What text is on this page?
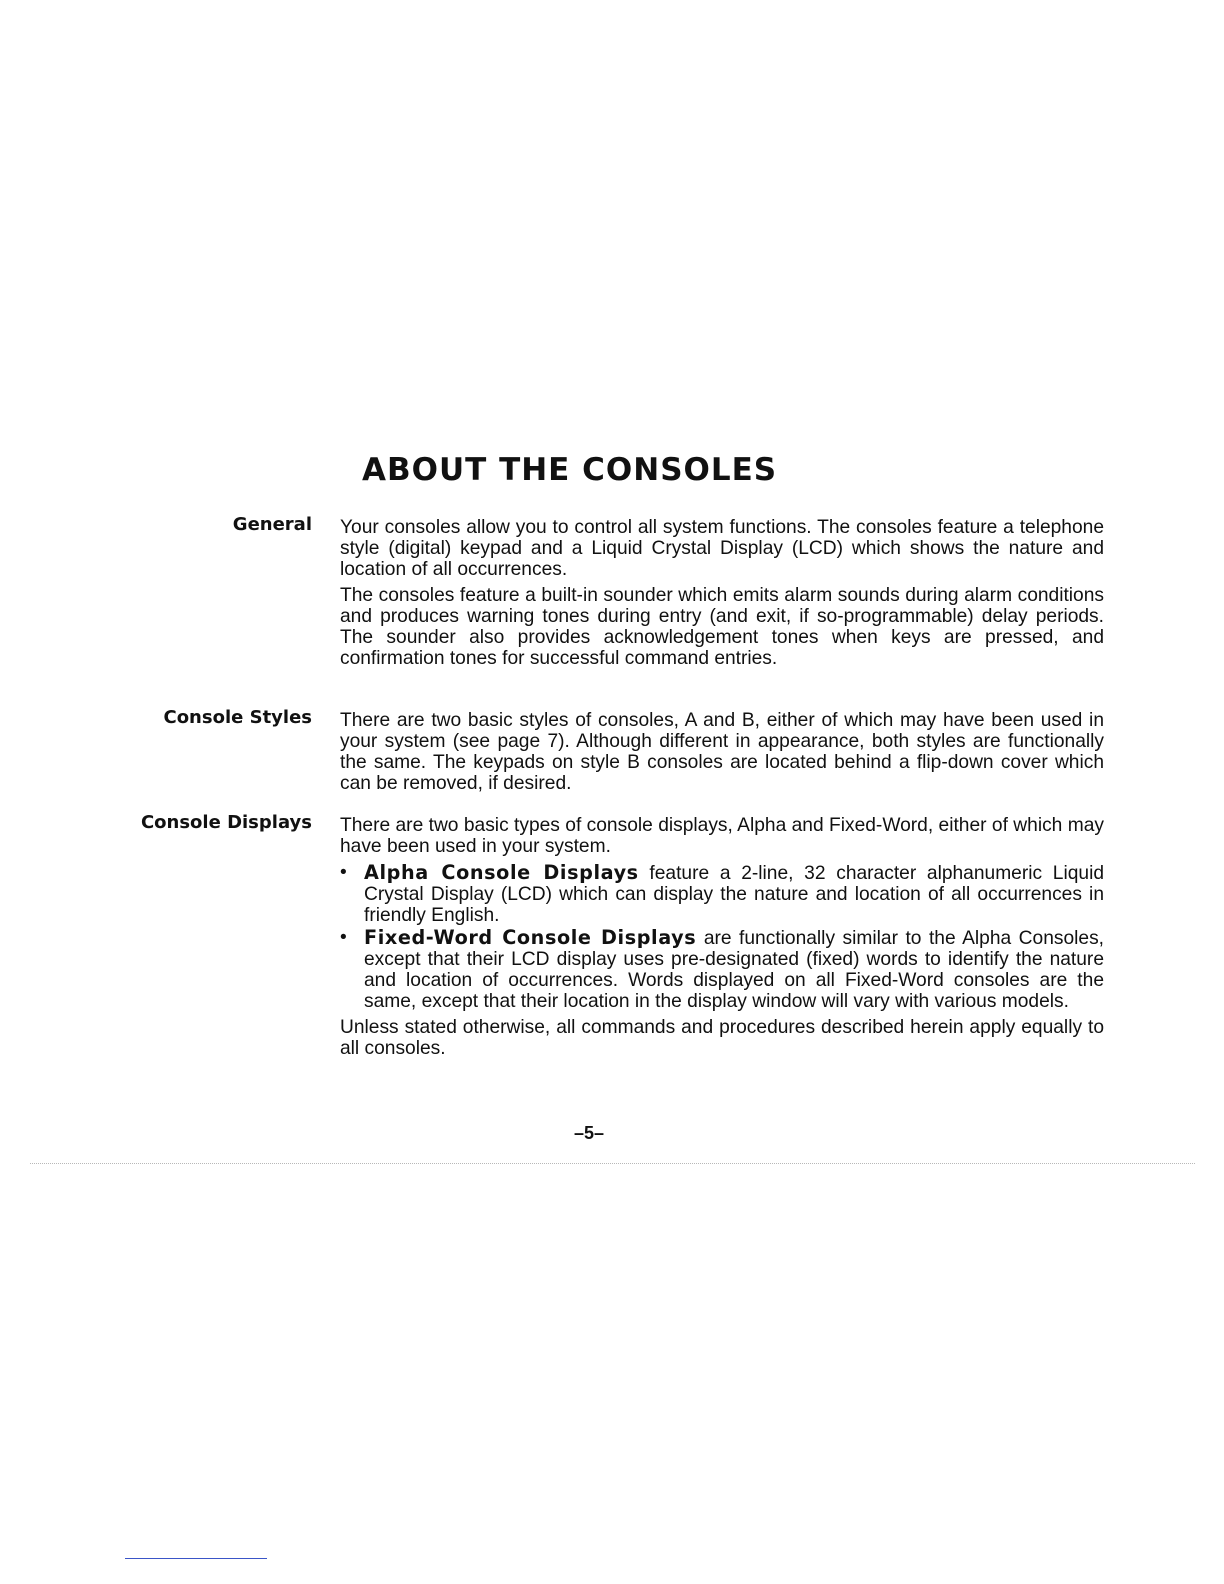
ABOUT THE CONSOLES
General Your consoles allow you to control all system functions. The consoles feature a telephone style (digital) keypad and a Liquid Crystal Display (LCD) which shows the nature and location of all occurrences.

The consoles feature a built-in sounder which emits alarm sounds during alarm conditions and produces warning tones during entry (and exit, if so-programmable) delay periods. The sounder also provides acknowledgement tones when keys are pressed, and confirmation tones for successful command entries.

Console Styles There are two basic styles of consoles, A and B, either of which may have been used in your system (see page 7). Although different in appearance, both styles are functionally the same. The keypads on style B consoles are located behind a flip-down cover which can be removed, if desired.

Console Displays There are two basic types of console displays, Alpha and Fixed-Word, either of which may have been used in your system.

• Alpha Console Displays feature a 2-line, 32 character alphanumeric Liquid Crystal Display (LCD) which can display the nature and location of all occurrences in friendly English.
• Fixed-Word Console Displays are functionally similar to the Alpha Consoles, except that their LCD display uses pre-designated (fixed) words to identify the nature and location of occurrences. Words displayed on all Fixed-Word consoles are the same, except that their location in the display window will vary with various models.

Unless stated otherwise, all commands and procedures described herein apply equally to all consoles.

–5–
